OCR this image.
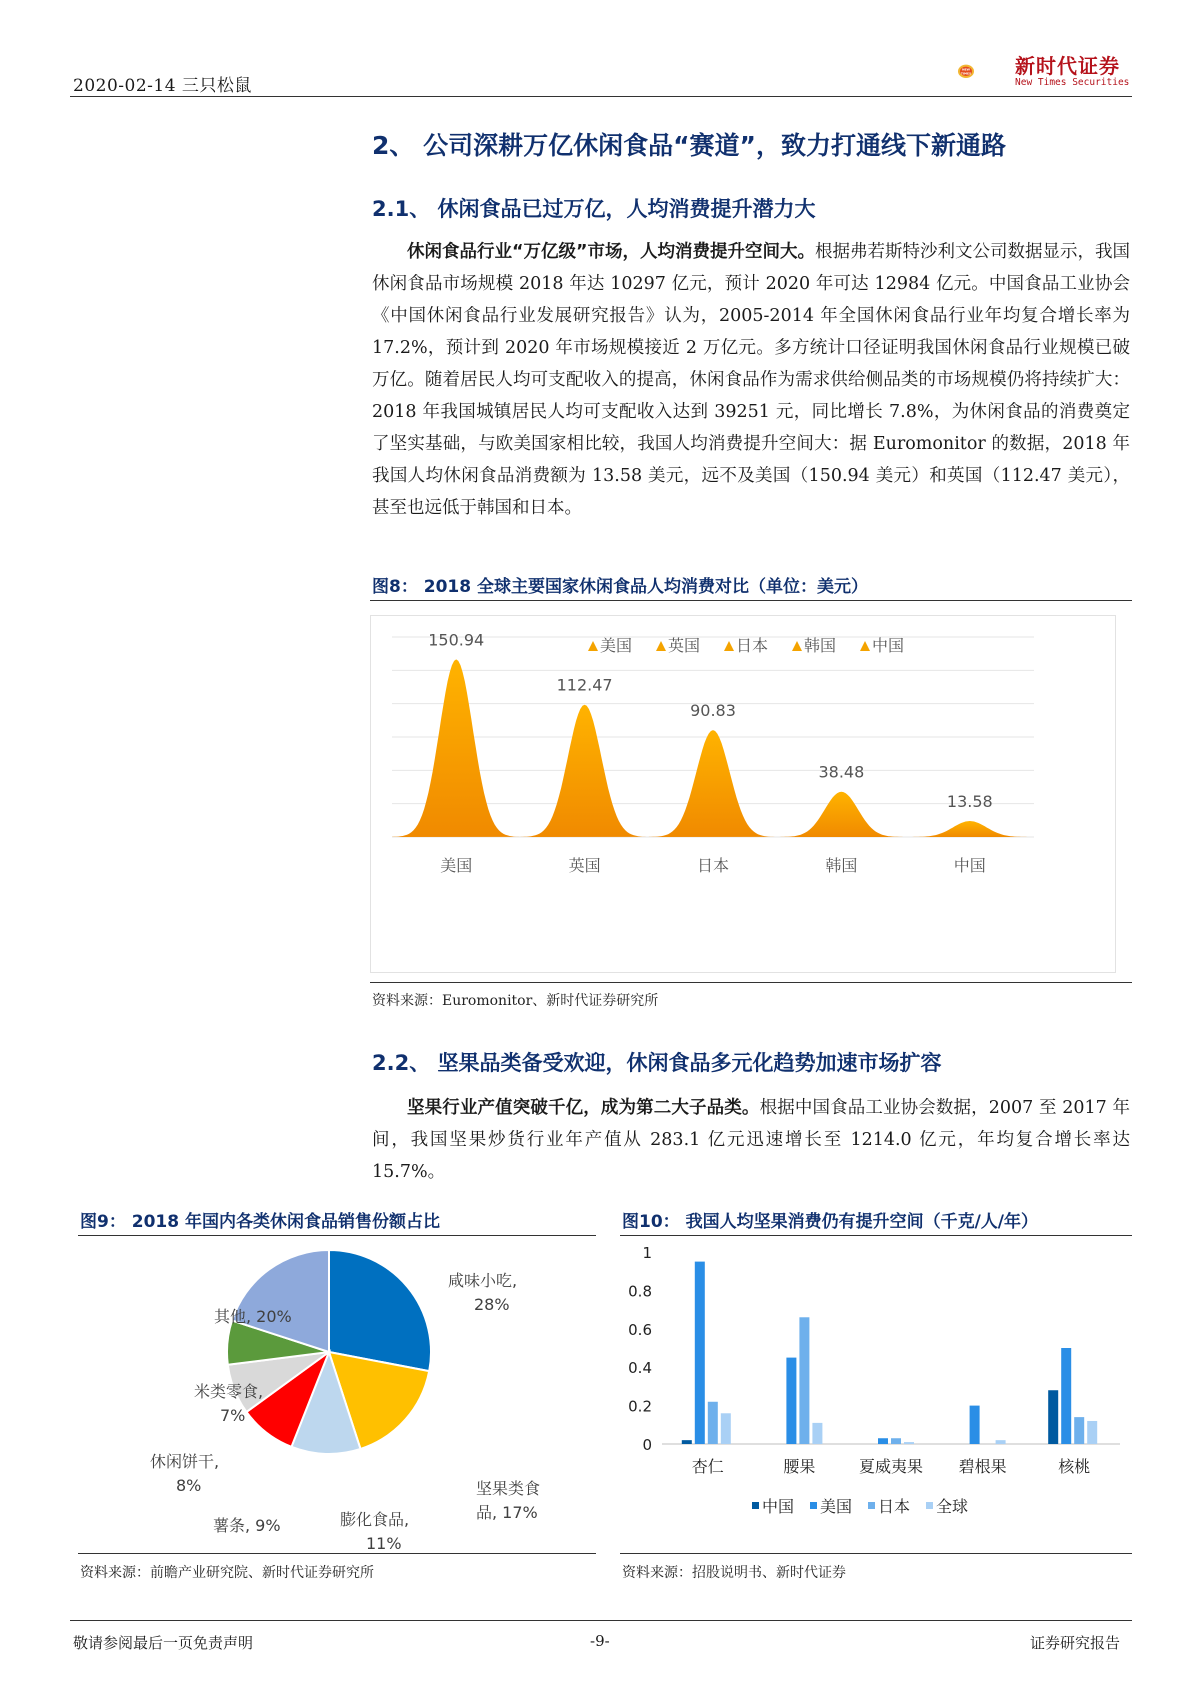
2020-02-14 三只松鼠
NEW
TIMES 新时代证券
New Times Securities
2、 公司深耕万亿休闲食品“赛道”，致力打通线下新通路
2.1、 休闲食品已过万亿，人均消费提升潜力大
休闲食品行业“万亿级”市场，人均消费提升空间大。根据弗若斯特沙利文公司数据显示，我国休闲食品市场规模 2018 年达 10297 亿元，预计 2020 年可达 12984 亿元。中国食品工业协会《中国休闲食品行业发展研究报告》认为，2005-2014 年全国休闲食品行业年均复合增长率为 17.2%，预计到 2020 年市场规模接近 2 万亿元。多方统计口径证明我国休闲食品行业规模已破万亿。随着居民人均可支配收入的提高，休闲食品作为需求供给侧品类的市场规模仍将持续扩大：2018 年我国城镇居民人均可支配收入达到 39251 元，同比增长 7.8%，为休闲食品的消费奠定了坚实基础，与欧美国家相比较，我国人均消费提升空间大：据 Euromonitor 的数据，2018 年我国人均休闲食品消费额为 13.58 美元，远不及美国（150.94 美元）和英国（112.47 美元），甚至也远低于韩国和日本。
图8： 2018 全球主要国家休闲食品人均消费对比（单位：美元）
150.94
美国
112.47
英国
90.83
日本
38.48
韩国
13.58
中国
美国 英国 日本 韩国 中国
资料来源：Euromonitor、新时代证券研究所
2.2、 坚果品类备受欢迎，休闲食品多元化趋势加速市场扩容
坚果行业产值突破千亿，成为第二大子品类。根据中国食品工业协会数据，2007 至 2017 年间，我国坚果炒货行业年产值从 283.1 亿元迅速增长至 1214.0 亿元，年均复合增长率达 15.7%。
图9： 2018 年国内各类休闲食品销售份额占比
咸味小吃,
28%
坚果类食
品, 17%
膨化食品,
11%
薯条, 9%
休闲饼干,
8%
米类零食,
7%
其他, 20%
资料来源：前瞻产业研究院、新时代证券研究所
图10： 我国人均坚果消费仍有提升空间（千克/人/年）
0
0.2
0.4
0.6
0.8
1
杏仁	腰果	夏威夷果 碧根果	核桃
中国 美国 日本 全球
资料来源：招股说明书、新时代证券
敬请参阅最后一页免责声明	-9-	证券研究报告
